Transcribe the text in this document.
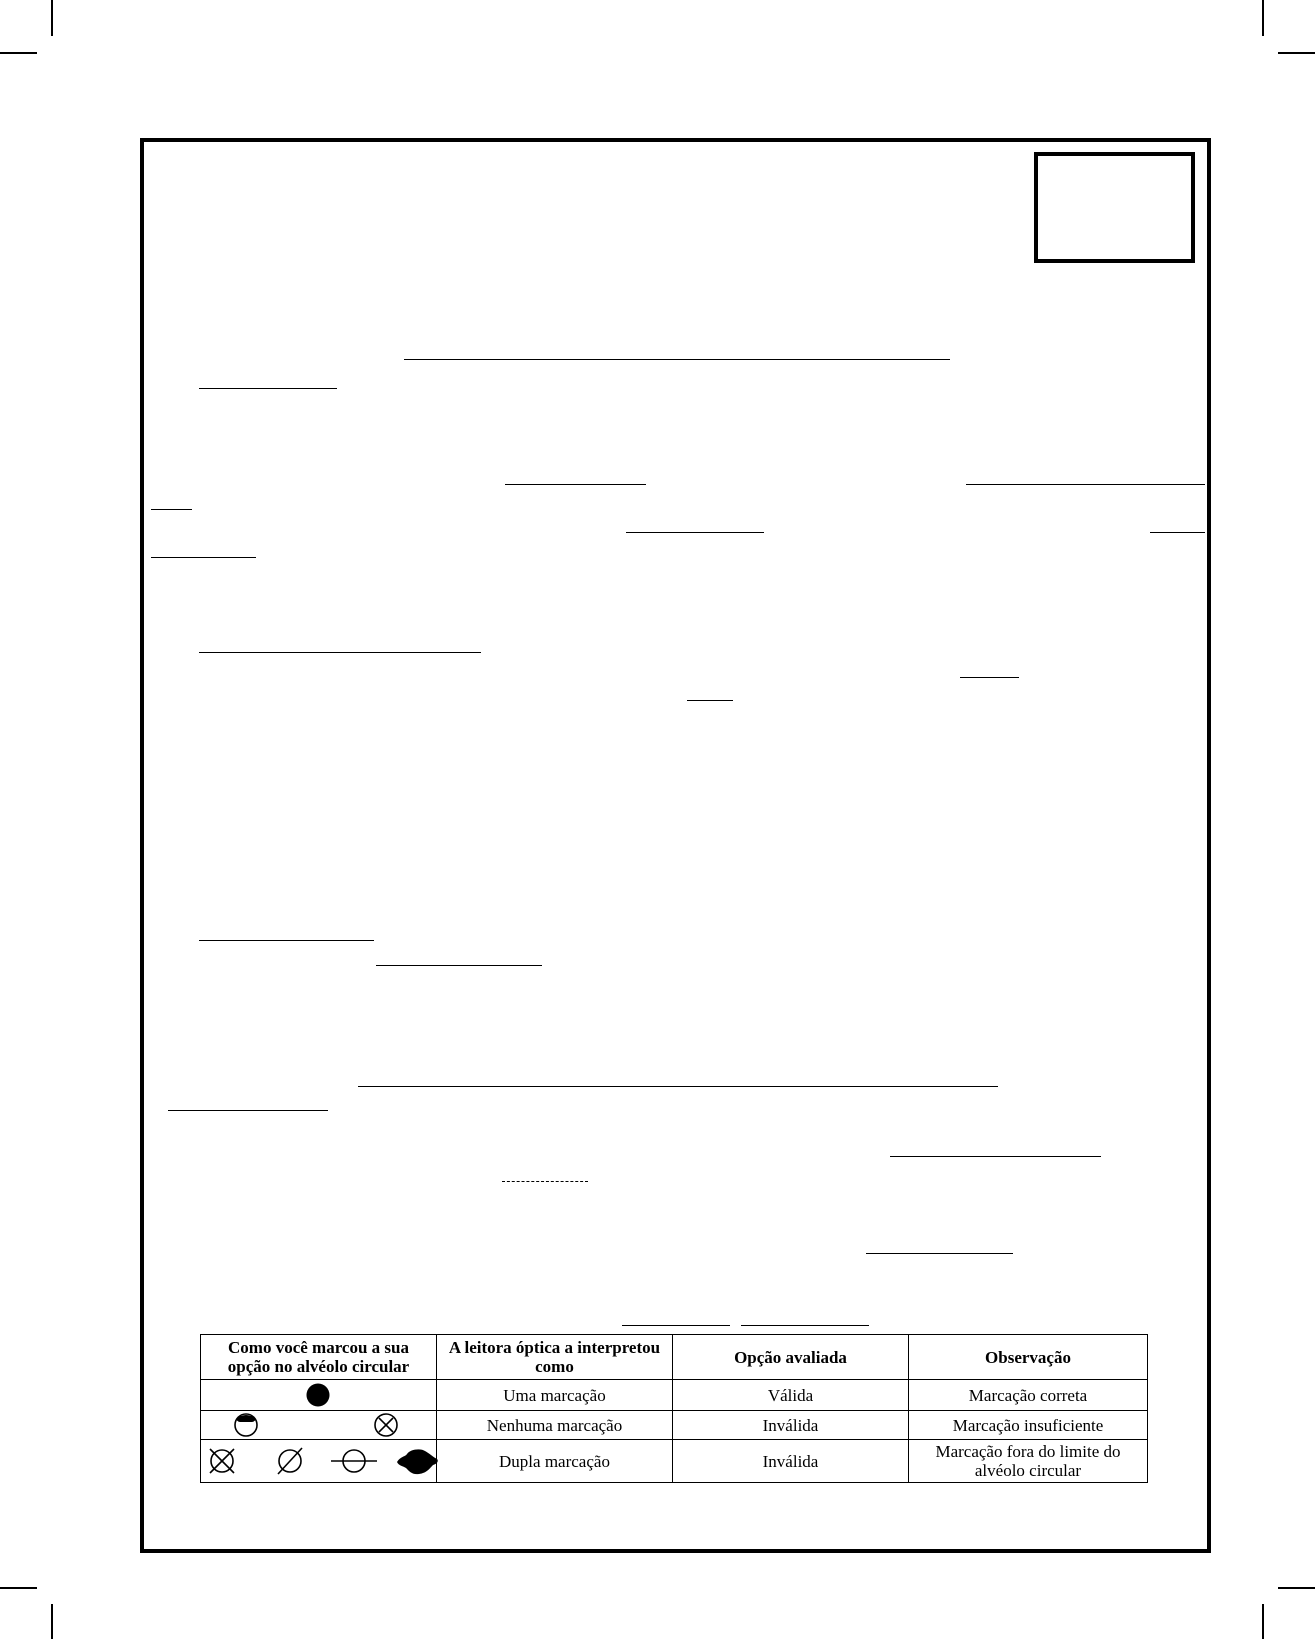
Como você marcou a sua opção no alvéolo circular	A leitora óptica a interpretou como	Opção avaliada	Observação

	Uma marcação	Válida	Marcação correta

	Nenhuma marcação	Inválida	Marcação insuficiente

	Dupla marcação	Inválida	Marcação fora do limite do alvéolo circular
